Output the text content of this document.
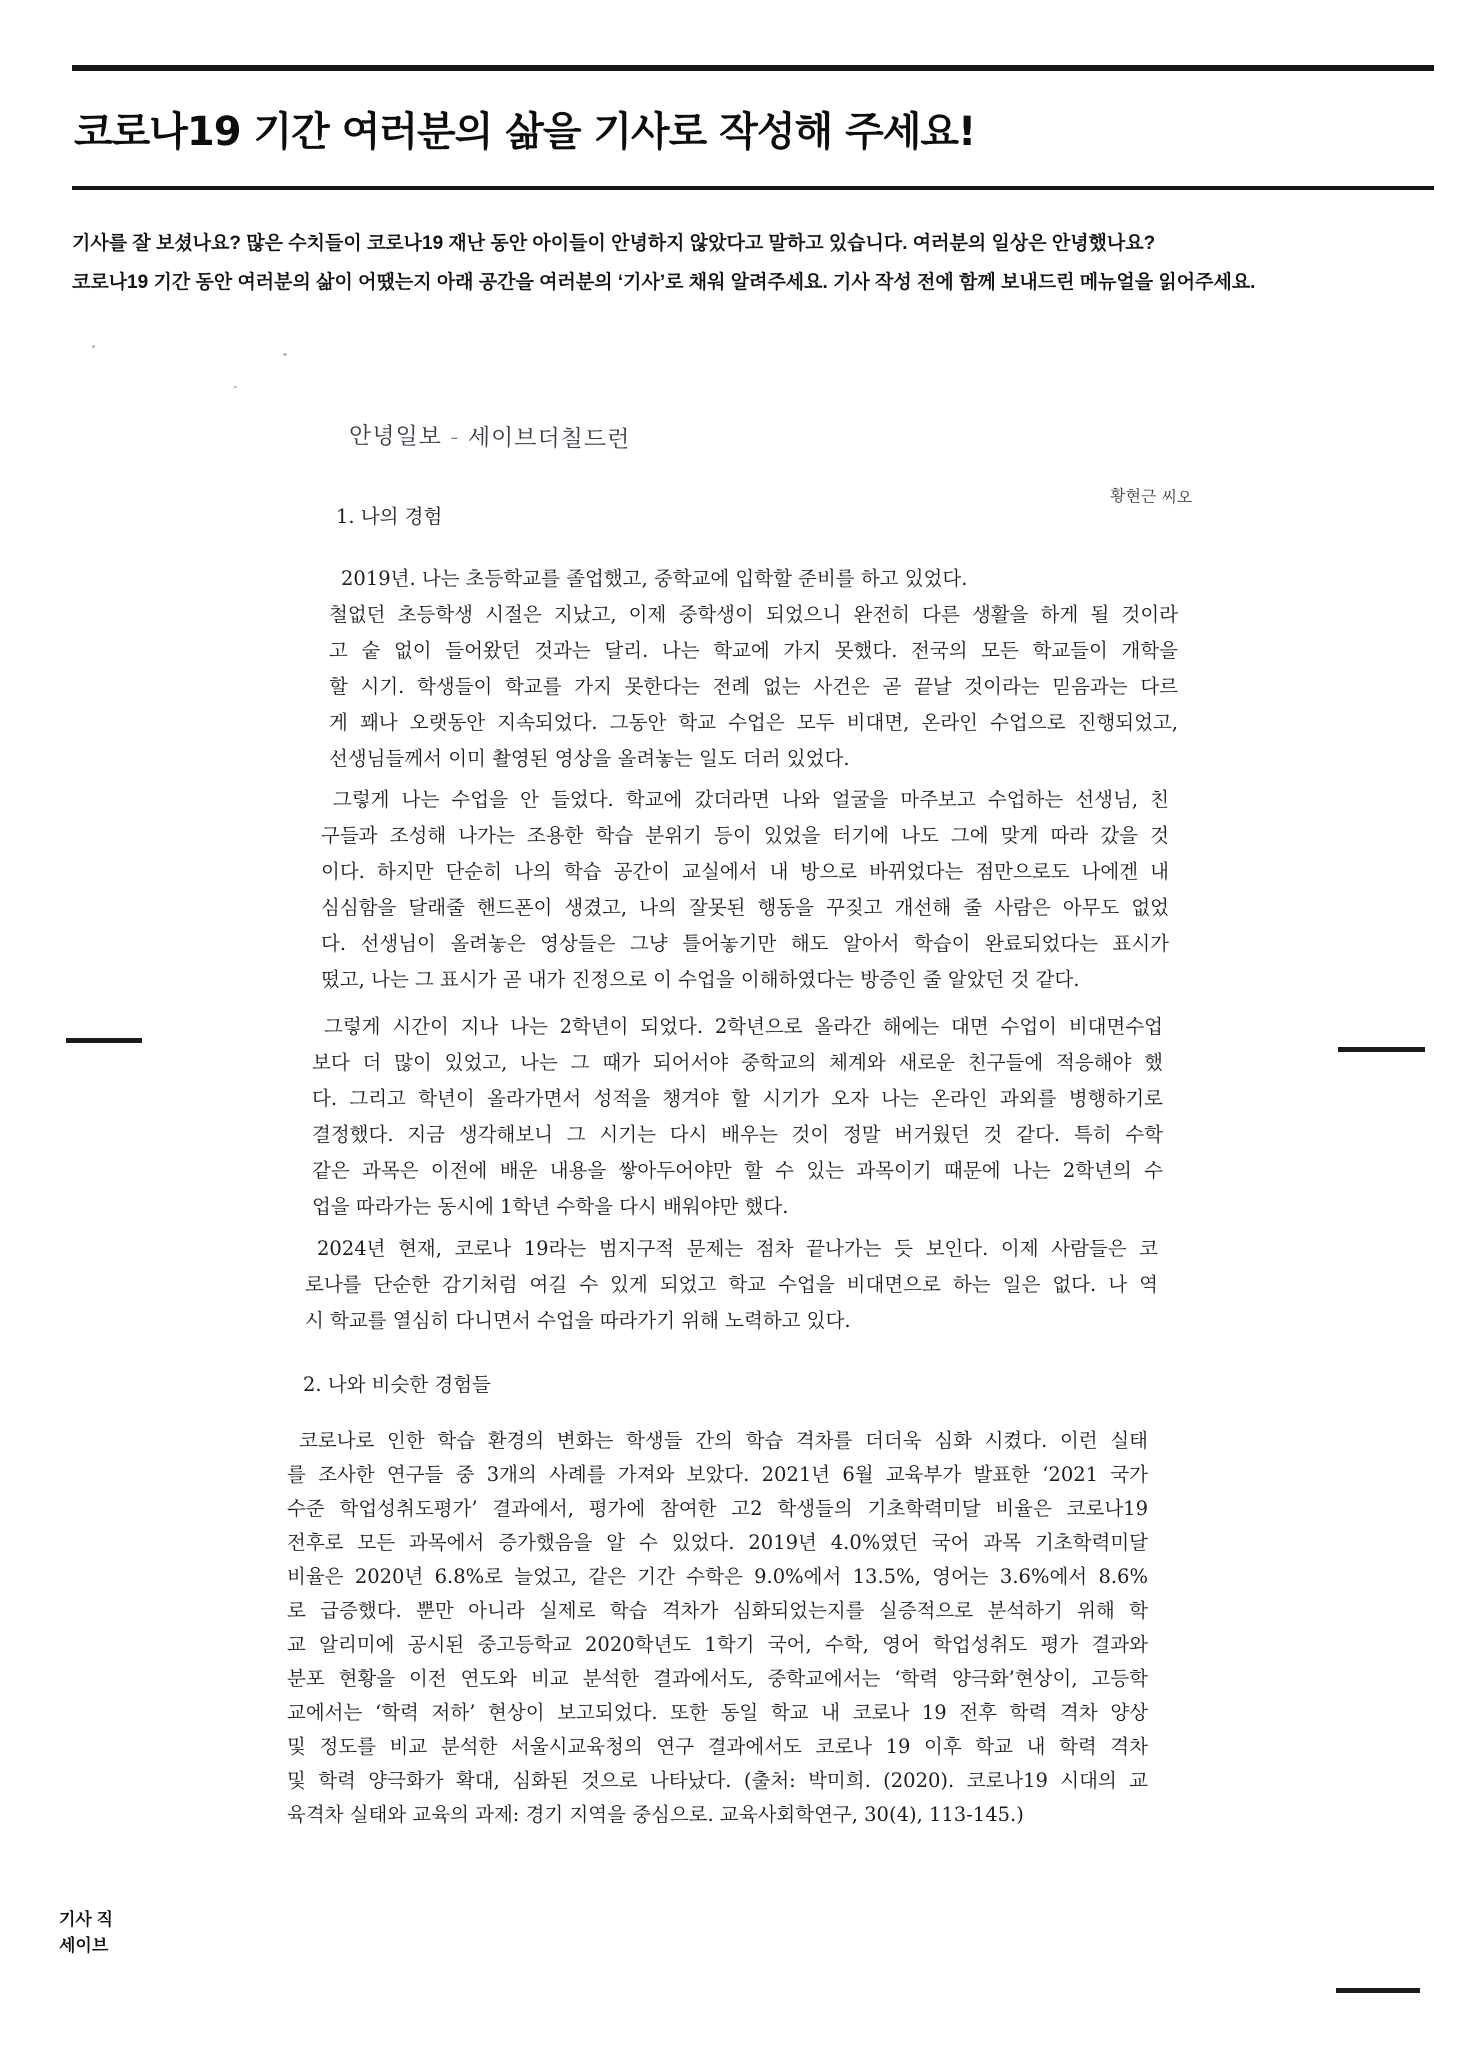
코로나19 기간 여러분의 삶을 기사로 작성해 주세요!
기사를 잘 보셨나요? 많은 수치들이 코로나19 재난 동안 아이들이 안녕하지 않았다고 말하고 있습니다. 여러분의 일상은 안녕했나요?
코로나19 기간 동안 여러분의 삶이 어땠는지 아래 공간을 여러분의 ‘기사’로 채워 알려주세요. 기사 작성 전에 함께 보내드린 메뉴얼을 읽어주세요.
안녕일보 - 세이브더칠드런
황현근 씨오
1. 나의 경험
2019년. 나는 초등학교를 졸업했고, 중학교에 입학할 준비를 하고 있었다.
철없던 초등학생 시절은 지났고, 이제 중학생이 되었으니 완전히 다른 생활을 하게 될 것이라
고 숱 없이 들어왔던 것과는 달리. 나는 학교에 가지 못했다. 전국의 모든 학교들이 개학을
할 시기. 학생들이 학교를 가지 못한다는 전례 없는 사건은 곧 끝날 것이라는 믿음과는 다르
게 꽤나 오랫동안 지속되었다. 그동안 학교 수업은 모두 비대면, 온라인 수업으로 진행되었고,
선생님들께서 이미 촬영된 영상을 올려놓는 일도 더러 있었다.
그렇게 나는 수업을 안 들었다. 학교에 갔더라면 나와 얼굴을 마주보고 수업하는 선생님, 친
구들과 조성해 나가는 조용한 학습 분위기 등이 있었을 터기에 나도 그에 맞게 따라 갔을 것
이다. 하지만 단순히 나의 학습 공간이 교실에서 내 방으로 바뀌었다는 점만으로도 나에겐 내
심심함을 달래줄 핸드폰이 생겼고, 나의 잘못된 행동을 꾸짖고 개선해 줄 사람은 아무도 없었
다. 선생님이 올려놓은 영상들은 그냥 틀어놓기만 해도 알아서 학습이 완료되었다는 표시가
떴고, 나는 그 표시가 곧 내가 진정으로 이 수업을 이해하였다는 방증인 줄 알았던 것 같다.
그렇게 시간이 지나 나는 2학년이 되었다. 2학년으로 올라간 해에는 대면 수업이 비대면수업
보다 더 많이 있었고, 나는 그 때가 되어서야 중학교의 체계와 새로운 친구들에 적응해야 했
다. 그리고 학년이 올라가면서 성적을 챙겨야 할 시기가 오자 나는 온라인 과외를 병행하기로
결정했다. 지금 생각해보니 그 시기는 다시 배우는 것이 정말 버거웠던 것 같다. 특히 수학
같은 과목은 이전에 배운 내용을 쌓아두어야만 할 수 있는 과목이기 때문에 나는 2학년의 수
업을 따라가는 동시에 1학년 수학을 다시 배워야만 했다.
2024년 현재, 코로나 19라는 범지구적 문제는 점차 끝나가는 듯 보인다. 이제 사람들은 코
로나를 단순한 감기처럼 여길 수 있게 되었고 학교 수업을 비대면으로 하는 일은 없다. 나 역
시 학교를 열심히 다니면서 수업을 따라가기 위해 노력하고 있다.
2. 나와 비슷한 경험들
코로나로 인한 학습 환경의 변화는 학생들 간의 학습 격차를 더더욱 심화 시켰다. 이런 실태
를 조사한 연구들 중 3개의 사례를 가져와 보았다. 2021년 6월 교육부가 발표한 ‘2021 국가
수준 학업성취도평가’ 결과에서, 평가에 참여한 고2 학생들의 기초학력미달 비율은 코로나19
전후로 모든 과목에서 증가했음을 알 수 있었다. 2019년 4.0%였던 국어 과목 기초학력미달
비율은 2020년 6.8%로 늘었고, 같은 기간 수학은 9.0%에서 13.5%, 영어는 3.6%에서 8.6%
로 급증했다. 뿐만 아니라 실제로 학습 격차가 심화되었는지를 실증적으로 분석하기 위해 학
교 알리미에 공시된 중고등학교 2020학년도 1학기 국어, 수학, 영어 학업성취도 평가 결과와
분포 현황을 이전 연도와 비교 분석한 결과에서도, 중학교에서는 ‘학력 양극화’현상이, 고등학
교에서는 ‘학력 저하’ 현상이 보고되었다. 또한 동일 학교 내 코로나 19 전후 학력 격차 양상
및 정도를 비교 분석한 서울시교육청의 연구 결과에서도 코로나 19 이후 학교 내 학력 격차
및 학력 양극화가 확대, 심화된 것으로 나타났다. (출처: 박미희. (2020). 코로나19 시대의 교
육격차 실태와 교육의 과제: 경기 지역을 중심으로. 교육사회학연구, 30(4), 113-145.)
기사 직
세이브
